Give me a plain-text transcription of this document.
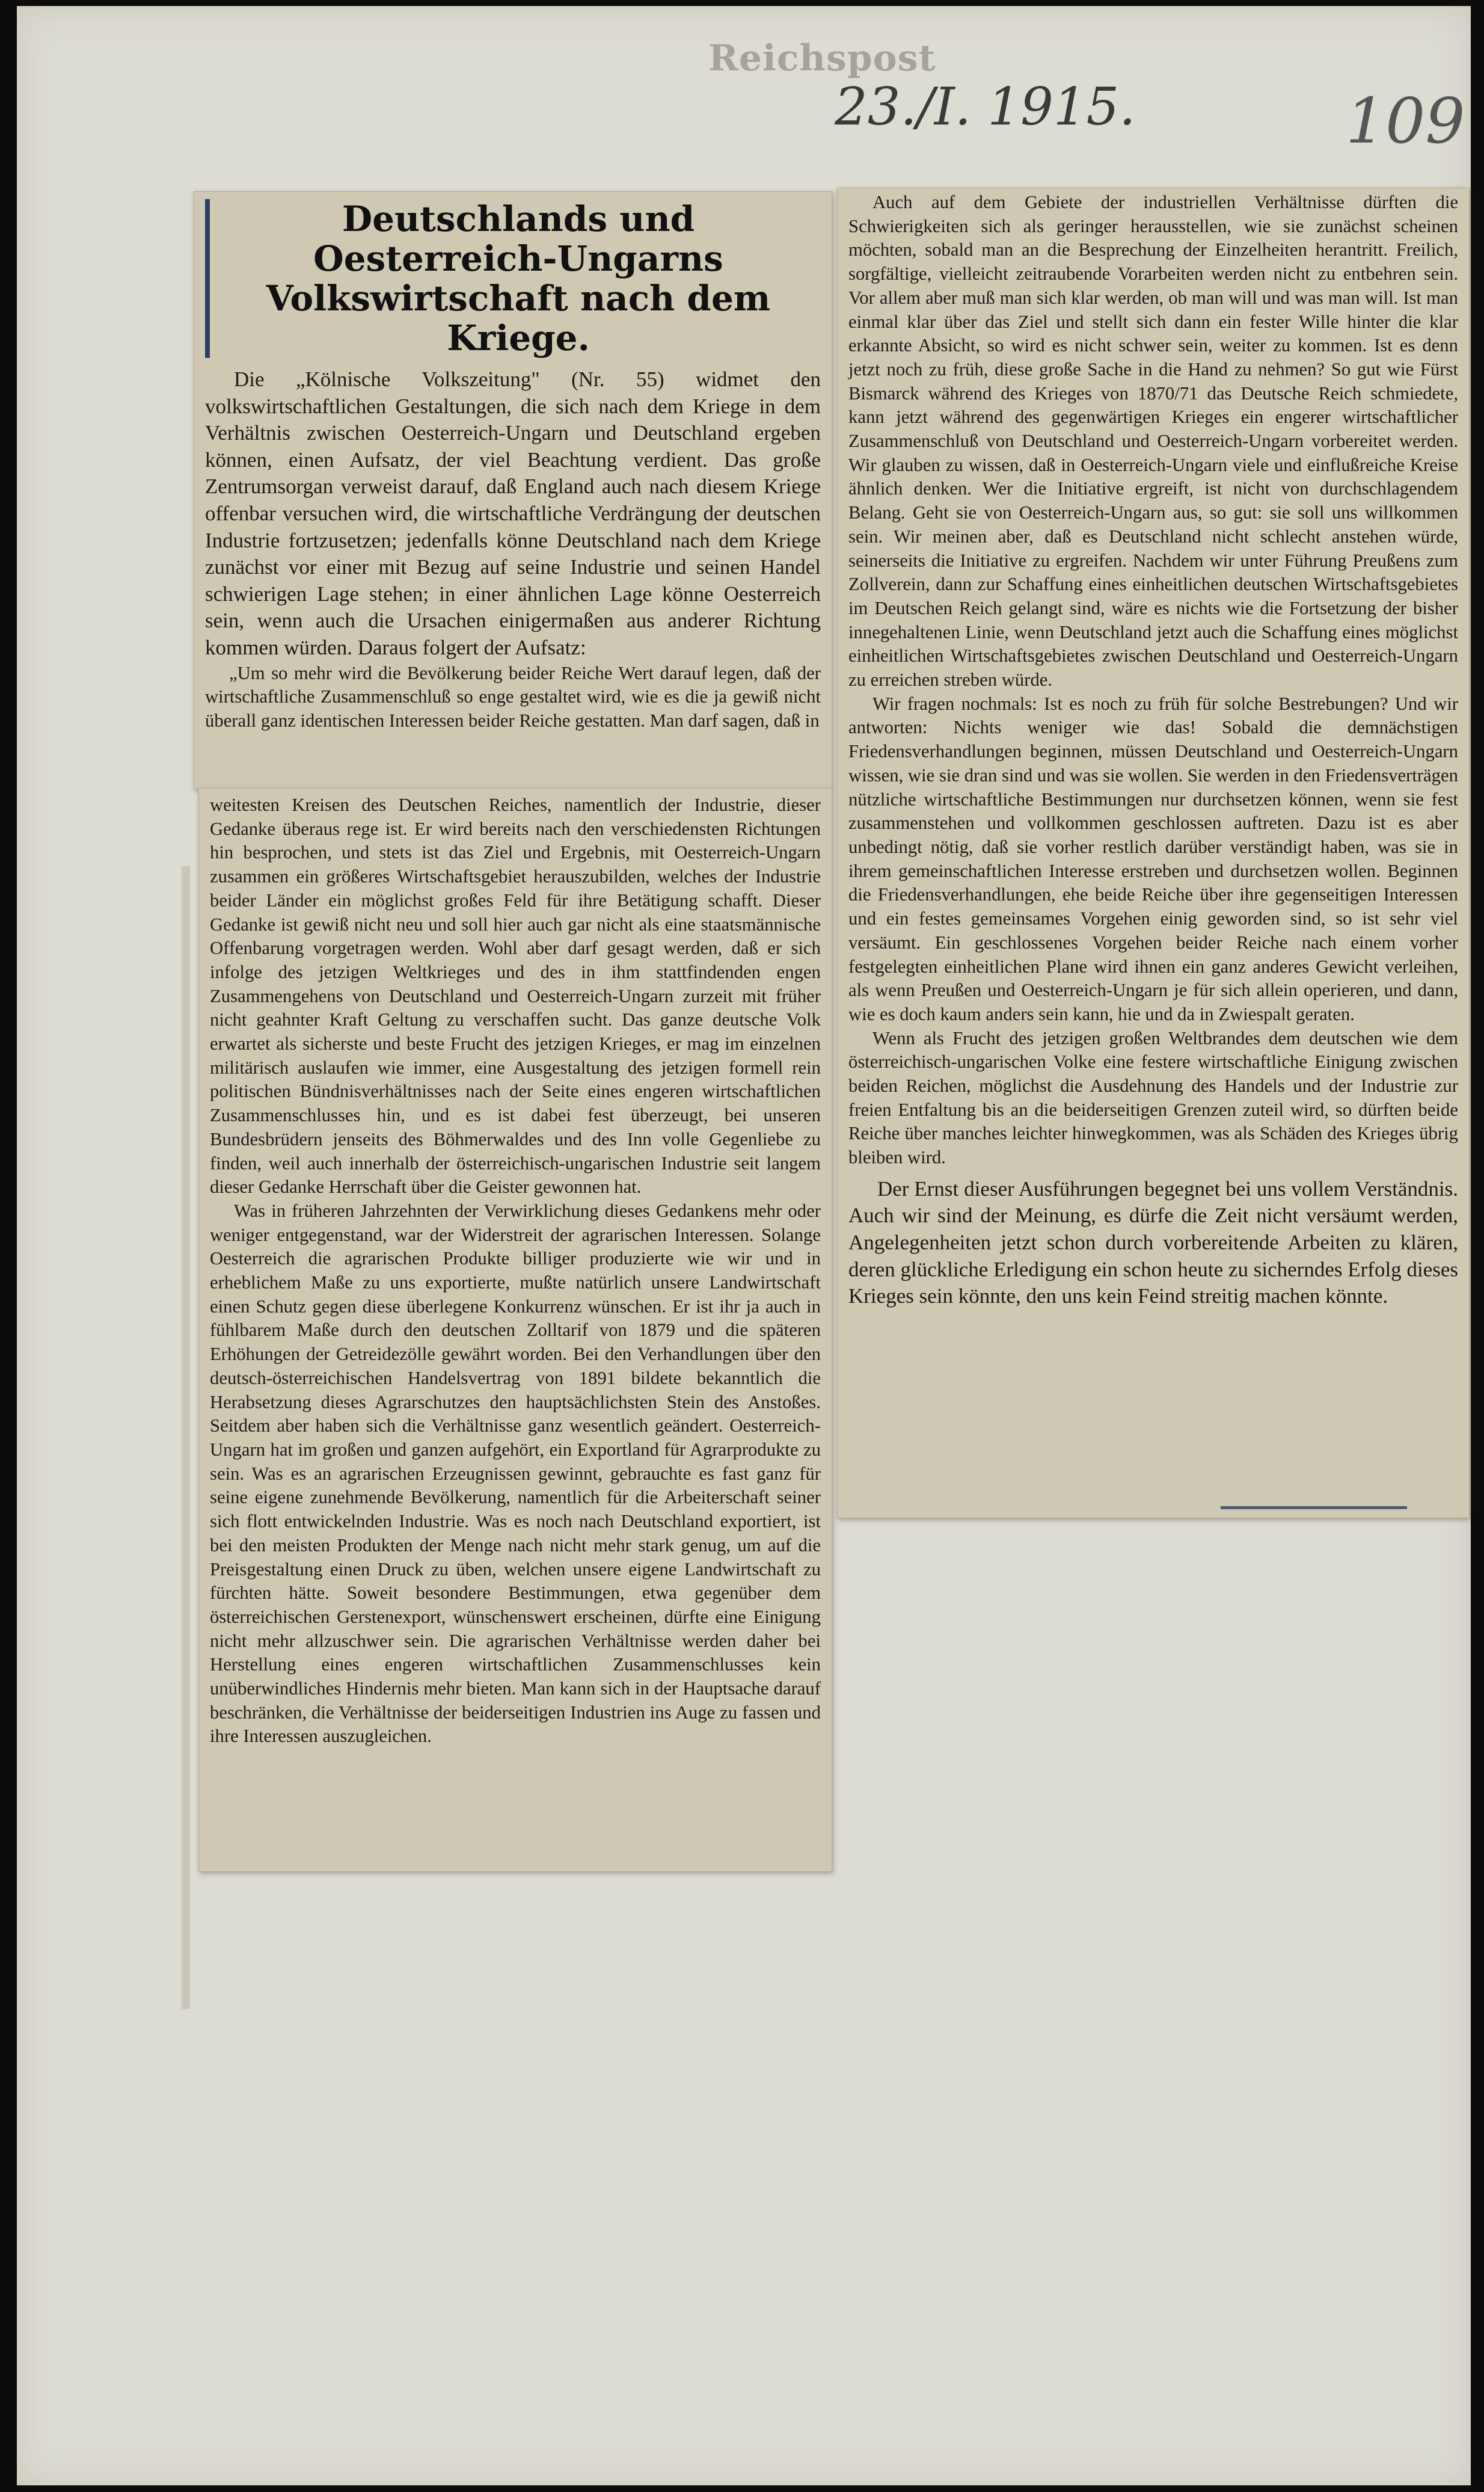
Reichspost
23./I. 1915.	109
Deutschlands und Oesterreich-Ungarns Volkswirtschaft nach dem Kriege.

Die „Kölnische Volkszeitung" (Nr. 55) widmet den volkswirtschaftlichen Gestaltungen, die sich nach dem Kriege in dem Verhältnis zwischen Oesterreich-Ungarn und Deutschland ergeben können, einen Aufsatz, der viel Beachtung verdient. Das große Zentrumsorgan verweist darauf, daß England auch nach diesem Kriege offenbar versuchen wird, die wirtschaftliche Verdrängung der deutschen Industrie fortzusetzen; jedenfalls könne Deutschland nach dem Kriege zunächst vor einer mit Bezug auf seine Industrie und seinen Handel schwierigen Lage stehen; in einer ähnlichen Lage könne Oesterreich sein, wenn auch die Ursachen einigermaßen aus anderer Richtung kommen würden. Daraus folgert der Aufsatz:

„Um so mehr wird die Bevölkerung beider Reiche Wert darauf legen, daß der wirtschaftliche Zusammenschluß so enge gestaltet wird, wie es die ja gewiß nicht überall ganz identischen Interessen beider Reiche gestatten. Man darf sagen, daß in

weitesten Kreisen des Deutschen Reiches, namentlich der Industrie, dieser Gedanke überaus rege ist. Er wird bereits nach den verschiedensten Richtungen hin besprochen, und stets ist das Ziel und Ergebnis, mit Oesterreich-Ungarn zusammen ein größeres Wirtschaftsgebiet herauszubilden, welches der Industrie beider Länder ein möglichst großes Feld für ihre Betätigung schafft. Dieser Gedanke ist gewiß nicht neu und soll hier auch gar nicht als eine staatsmännische Offenbarung vorgetragen werden. Wohl aber darf gesagt werden, daß er sich infolge des jetzigen Weltkrieges und des in ihm stattfindenden engen Zusammengehens von Deutschland und Oesterreich-Ungarn zurzeit mit früher nicht geahnter Kraft Geltung zu verschaffen sucht. Das ganze deutsche Volk erwartet als sicherste und beste Frucht des jetzigen Krieges, er mag im einzelnen militärisch auslaufen wie immer, eine Ausgestaltung des jetzigen formell rein politischen Bündnisverhältnisses nach der Seite eines engeren wirtschaftlichen Zusammenschlusses hin, und es ist dabei fest überzeugt, bei unseren Bundesbrüdern jenseits des Böhmerwaldes und des Inn volle Gegenliebe zu finden, weil auch innerhalb der österreichisch-ungarischen Industrie seit langem dieser Gedanke Herrschaft über die Geister gewonnen hat.

Was in früheren Jahrzehnten der Verwirklichung dieses Gedankens mehr oder weniger entgegenstand, war der Widerstreit der agrarischen Interessen. Solange Oesterreich die agrarischen Produkte billiger produzierte wie wir und in erheblichem Maße zu uns exportierte, mußte natürlich unsere Landwirtschaft einen Schutz gegen diese überlegene Konkurrenz wünschen. Er ist ihr ja auch in fühlbarem Maße durch den deutschen Zolltarif von 1879 und die späteren Erhöhungen der Getreidezölle gewährt worden. Bei den Verhandlungen über den deutsch-österreichischen Handelsvertrag von 1891 bildete bekanntlich die Herabsetzung dieses Agrarschutzes den hauptsächlichsten Stein des Anstoßes. Seitdem aber haben sich die Verhältnisse ganz wesentlich geändert. Oesterreich-Ungarn hat im großen und ganzen aufgehört, ein Exportland für Agrarprodukte zu sein. Was es an agrarischen Erzeugnissen gewinnt, gebrauchte es fast ganz für seine eigene zunehmende Bevölkerung, namentlich für die Arbeiterschaft seiner sich flott entwickelnden Industrie. Was es noch nach Deutschland exportiert, ist bei den meisten Produkten der Menge nach nicht mehr stark genug, um auf die Preisgestaltung einen Druck zu üben, welchen unsere eigene Landwirtschaft zu fürchten hätte. Soweit besondere Bestimmungen, etwa gegenüber dem österreichischen Gerstenexport, wünschenswert erscheinen, dürfte eine Einigung nicht mehr allzuschwer sein. Die agrarischen Verhältnisse werden daher bei Herstellung eines engeren wirtschaftlichen Zusammenschlusses kein unüberwindliches Hindernis mehr bieten. Man kann sich in der Hauptsache darauf beschränken, die Verhältnisse der beiderseitigen Industrien ins Auge zu fassen und ihre Interessen auszugleichen.

Auch auf dem Gebiete der industriellen Verhältnisse dürften die Schwierigkeiten sich als geringer herausstellen, wie sie zunächst scheinen möchten, sobald man an die Besprechung der Einzelheiten herantritt. Freilich, sorgfältige, vielleicht zeitraubende Vorarbeiten werden nicht zu entbehren sein. Vor allem aber muß man sich klar werden, ob man will und was man will. Ist man einmal klar über das Ziel und stellt sich dann ein fester Wille hinter die klar erkannte Absicht, so wird es nicht schwer sein, weiter zu kommen. Ist es denn jetzt noch zu früh, diese große Sache in die Hand zu nehmen? So gut wie Fürst Bismarck während des Krieges von 1870/71 das Deutsche Reich schmiedete, kann jetzt während des gegenwärtigen Krieges ein engerer wirtschaftlicher Zusammenschluß von Deutschland und Oesterreich-Ungarn vorbereitet werden. Wir glauben zu wissen, daß in Oesterreich-Ungarn viele und einflußreiche Kreise ähnlich denken. Wer die Initiative ergreift, ist nicht von durchschlagendem Belang. Geht sie von Oesterreich-Ungarn aus, so gut: sie soll uns willkommen sein. Wir meinen aber, daß es Deutschland nicht schlecht anstehen würde, seinerseits die Initiative zu ergreifen. Nachdem wir unter Führung Preußens zum Zollverein, dann zur Schaffung eines einheitlichen deutschen Wirtschaftsgebietes im Deutschen Reich gelangt sind, wäre es nichts wie die Fortsetzung der bisher innegehaltenen Linie, wenn Deutschland jetzt auch die Schaffung eines möglichst einheitlichen Wirtschaftsgebietes zwischen Deutschland und Oesterreich-Ungarn zu erreichen streben würde.

Wir fragen nochmals: Ist es noch zu früh für solche Bestrebungen? Und wir antworten: Nichts weniger wie das! Sobald die demnächstigen Friedensverhandlungen beginnen, müssen Deutschland und Oesterreich-Ungarn wissen, wie sie dran sind und was sie wollen. Sie werden in den Friedensverträgen nützliche wirtschaftliche Bestimmungen nur durchsetzen können, wenn sie fest zusammenstehen und vollkommen geschlossen auftreten. Dazu ist es aber unbedingt nötig, daß sie vorher restlich darüber verständigt haben, was sie in ihrem gemeinschaftlichen Interesse erstreben und durchsetzen wollen. Beginnen die Friedensverhandlungen, ehe beide Reiche über ihre gegenseitigen Interessen und ein festes gemeinsames Vorgehen einig geworden sind, so ist sehr viel versäumt. Ein geschlossenes Vorgehen beider Reiche nach einem vorher festgelegten einheitlichen Plane wird ihnen ein ganz anderes Gewicht verleihen, als wenn Preußen und Oesterreich-Ungarn je für sich allein operieren, und dann, wie es doch kaum anders sein kann, hie und da in Zwiespalt geraten.

Wenn als Frucht des jetzigen großen Weltbrandes dem deutschen wie dem österreichisch-ungarischen Volke eine festere wirtschaftliche Einigung zwischen beiden Reichen, möglichst die Ausdehnung des Handels und der Industrie zur freien Entfaltung bis an die beiderseitigen Grenzen zuteil wird, so dürften beide Reiche über manches leichter hinwegkommen, was als Schäden des Krieges übrig bleiben wird.

Der Ernst dieser Ausführungen begegnet bei uns vollem Verständnis. Auch wir sind der Meinung, es dürfe die Zeit nicht versäumt werden, Angelegenheiten jetzt schon durch vorbereitende Arbeiten zu klären, deren glückliche Erledigung ein schon heute zu sicherndes Erfolg dieses Krieges sein könnte, den uns kein Feind streitig machen könnte.
